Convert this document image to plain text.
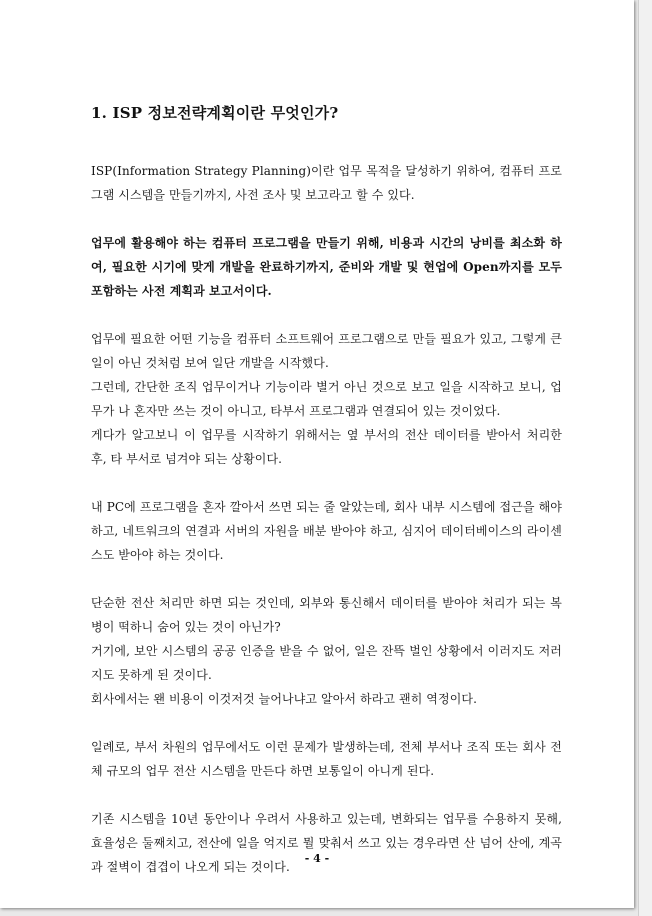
1. ISP 정보전략계획이란 무엇인가?

ISP(Information Strategy Planning)이란 업무 목적을 달성하기 위하여, 컴퓨터 프로그램 시스템을 만들기까지, 사전 조사 및 보고라고 할 수 있다.

업무에 활용해야 하는 컴퓨터 프로그램을 만들기 위해, 비용과 시간의 낭비를 최소화 하여, 필요한 시기에 맞게 개발을 완료하기까지, 준비와 개발 및 현업에 Open까지를 모두 포함하는 사전 계획과 보고서이다.

업무에 필요한 어떤 기능을 컴퓨터 소프트웨어 프로그램으로 만들 필요가 있고, 그렇게 큰 일이 아닌 것처럼 보여 일단 개발을 시작했다.

그런데, 간단한 조직 업무이거나 기능이라 별거 아닌 것으로 보고 일을 시작하고 보니, 업무가 나 혼자만 쓰는 것이 아니고, 타부서 프로그램과 연결되어 있는 것이었다.

게다가 알고보니 이 업무를 시작하기 위해서는 옆 부서의 전산 데이터를 받아서 처리한 후, 타 부서로 넘겨야 되는 상황이다.

내 PC에 프로그램을 혼자 깔아서 쓰면 되는 줄 알았는데, 회사 내부 시스템에 접근을 해야 하고, 네트워크의 연결과 서버의 자원을 배분 받아야 하고, 심지어 데이터베이스의 라이센스도 받아야 하는 것이다.

단순한 전산 처리만 하면 되는 것인데, 외부와 통신해서 데이터를 받아야 처리가 되는 복병이 떡하니 숨어 있는 것이 아닌가?

거기에, 보안 시스템의 공공 인증을 받을 수 없어, 일은 잔뜩 벌인 상황에서 이러지도 저러지도 못하게 된 것이다.

회사에서는 왠 비용이 이것저것 늘어나냐고 알아서 하라고 괜히 역정이다.

일례로, 부서 차원의 업무에서도 이런 문제가 발생하는데, 전체 부서나 조직 또는 회사 전체 규모의 업무 전산 시스템을 만든다 하면 보통일이 아니게 된다.

기존 시스템을 10년 동안이나 우려서 사용하고 있는데, 변화되는 업무를 수용하지 못해, 효율성은 둘째치고, 전산에 일을 억지로 뭘 맞춰서 쓰고 있는 경우라면 산 넘어 산에, 계곡과 절벽이 겹겹이 나오게 되는 것이다.

- 4 -
